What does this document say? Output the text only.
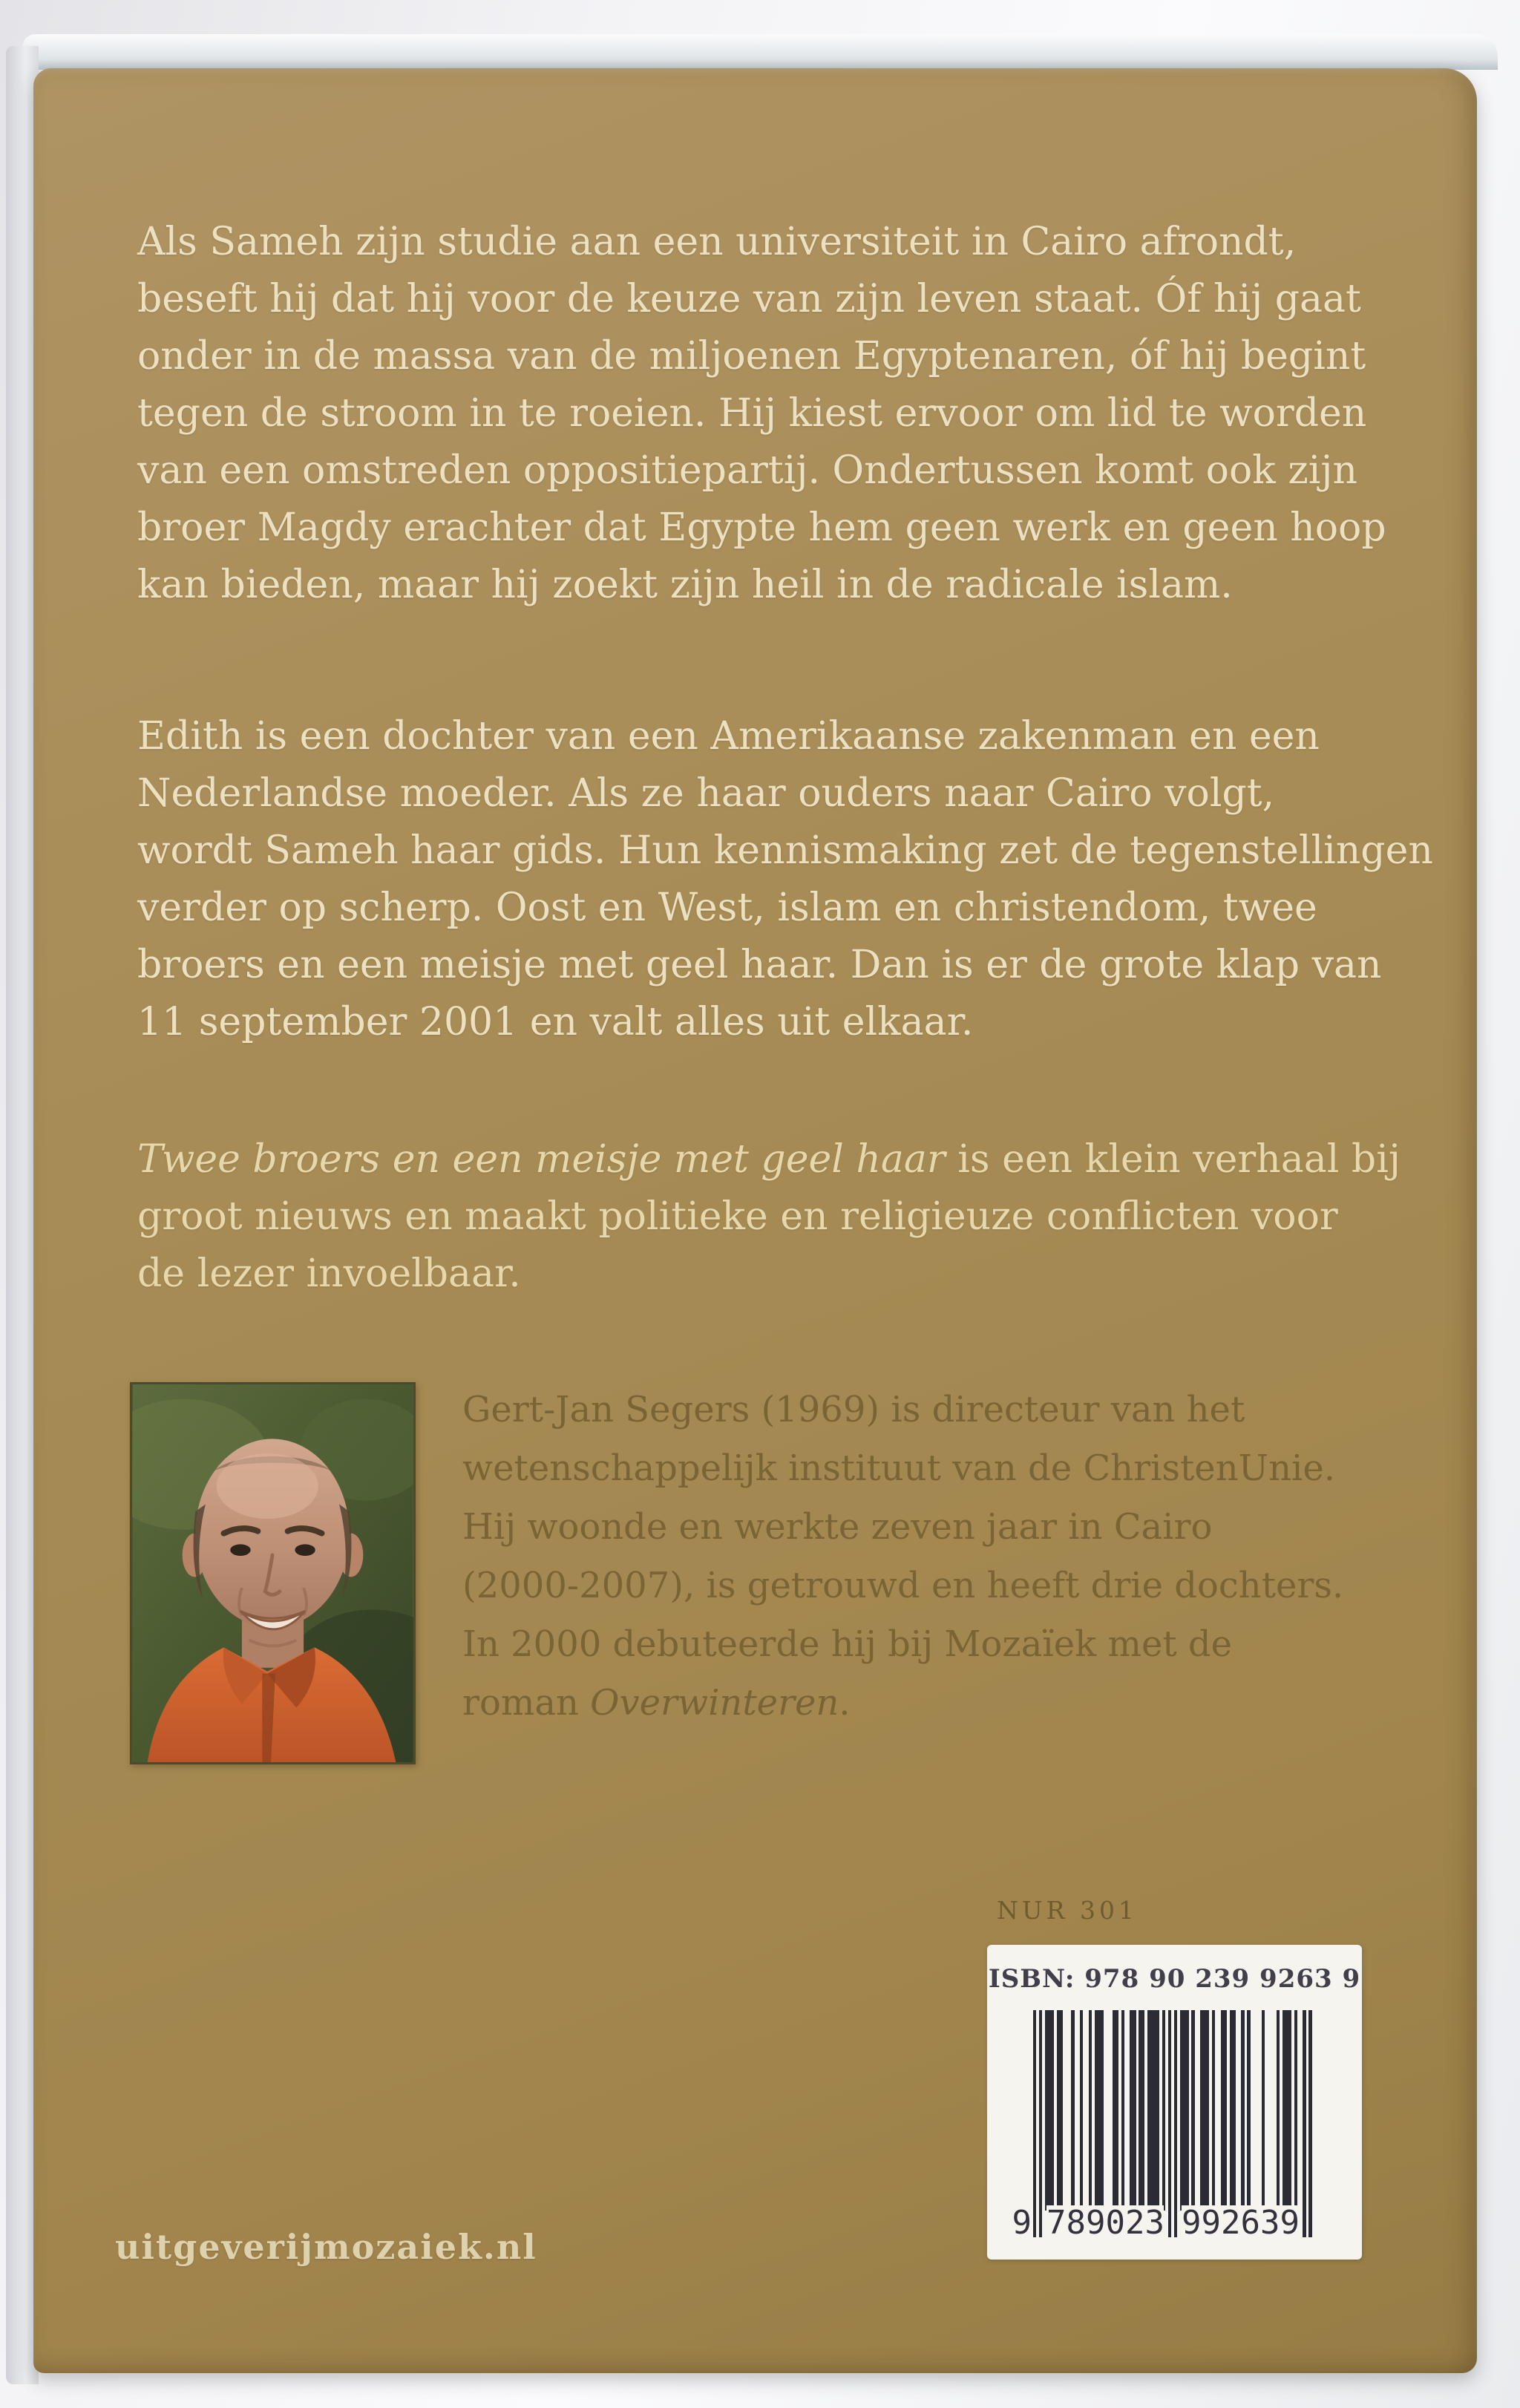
Als Sameh zijn studie aan een universiteit in Cairo afrondt,
beseft hij dat hij voor de keuze van zijn leven staat. Óf hij gaat
onder in de massa van de miljoenen Egyptenaren, óf hij begint
tegen de stroom in te roeien. Hij kiest ervoor om lid te worden
van een omstreden oppositiepartij. Ondertussen komt ook zijn
broer Magdy erachter dat Egypte hem geen werk en geen hoop
kan bieden, maar hij zoekt zijn heil in de radicale islam.
Edith is een dochter van een Amerikaanse zakenman en een
Nederlandse moeder. Als ze haar ouders naar Cairo volgt,
wordt Sameh haar gids. Hun kennismaking zet de tegenstellingen
verder op scherp. Oost en West, islam en christendom, twee
broers en een meisje met geel haar. Dan is er de grote klap van
11 september 2001 en valt alles uit elkaar.
Twee broers en een meisje met geel haar is een klein verhaal bij
groot nieuws en maakt politieke en religieuze conflicten voor
de lezer invoelbaar.
Gert-Jan Segers (1969) is directeur van het
wetenschappelijk instituut van de ChristenUnie.
Hij woonde en werkte zeven jaar in Cairo
(2000-2007), is getrouwd en heeft drie dochters.
In 2000 debuteerde hij bij Mozaïek met de
roman Overwinteren.
NUR 301
ISBN: 978 90 239 9263 9
9 789023 992639
uitgeverijmozaiek.nl
